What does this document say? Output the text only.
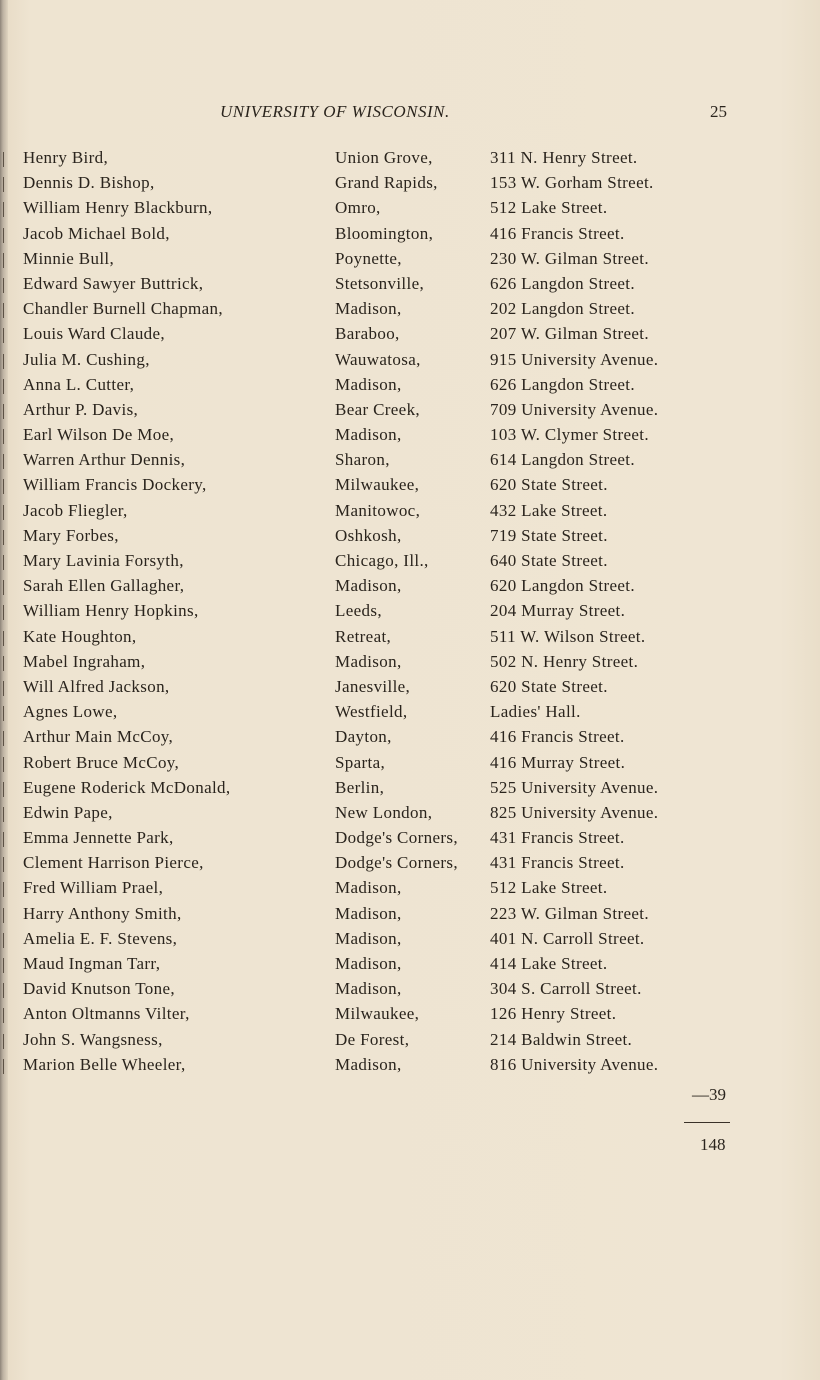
UNIVERSITY OF WISCONSIN.	25
Henry Bird,	Union Grove,	311 N. Henry Street.
Dennis D. Bishop,	Grand Rapids,	153 W. Gorham Street.
William Henry Blackburn,	Omro,	512 Lake Street.
Jacob Michael Bold,	Bloomington,	416 Francis Street.
Minnie Bull,	Poynette,	230 W. Gilman Street.
Edward Sawyer Buttrick,	Stetsonville,	626 Langdon Street.
Chandler Burnell Chapman,	Madison,	202 Langdon Street.
Louis Ward Claude,	Baraboo,	207 W. Gilman Street.
Julia M. Cushing,	Wauwatosa,	915 University Avenue.
Anna L. Cutter,	Madison,	626 Langdon Street.
Arthur P. Davis,	Bear Creek,	709 University Avenue.
Earl Wilson De Moe,	Madison,	103 W. Clymer Street.
Warren Arthur Dennis,	Sharon,	614 Langdon Street.
William Francis Dockery,	Milwaukee,	620 State Street.
Jacob Fliegler,	Manitowoc,	432 Lake Street.
Mary Forbes,	Oshkosh,	719 State Street.
Mary Lavinia Forsyth,	Chicago, Ill.,	640 State Street.
Sarah Ellen Gallagher,	Madison,	620 Langdon Street.
William Henry Hopkins,	Leeds,	204 Murray Street.
Kate Houghton,	Retreat,	511 W. Wilson Street.
Mabel Ingraham,	Madison,	502 N. Henry Street.
Will Alfred Jackson,	Janesville,	620 State Street.
Agnes Lowe,	Westfield,	Ladies' Hall.
Arthur Main McCoy,	Dayton,	416 Francis Street.
Robert Bruce McCoy,	Sparta,	416 Murray Street.
Eugene Roderick McDonald,	Berlin,	525 University Avenue.
Edwin Pape,	New London,	825 University Avenue.
Emma Jennette Park,	Dodge's Corners, 431 Francis Street.
Clement Harrison Pierce,	Dodge's Corners, 431 Francis Street.
Fred William Prael,	Madison,	512 Lake Street.
Harry Anthony Smith,	Madison,	223 W. Gilman Street.
Amelia E. F. Stevens,	Madison,	401 N. Carroll Street.
Maud Ingman Tarr,	Madison,	414 Lake Street.
David Knutson Tone,	Madison,	304 S. Carroll Street.
Anton Oltmanns Vilter,	Milwaukee,	126 Henry Street.
John S. Wangsness,	De Forest,	214 Baldwin Street.
Marion Belle Wheeler,	Madison,	816 University Avenue.
—39
148
